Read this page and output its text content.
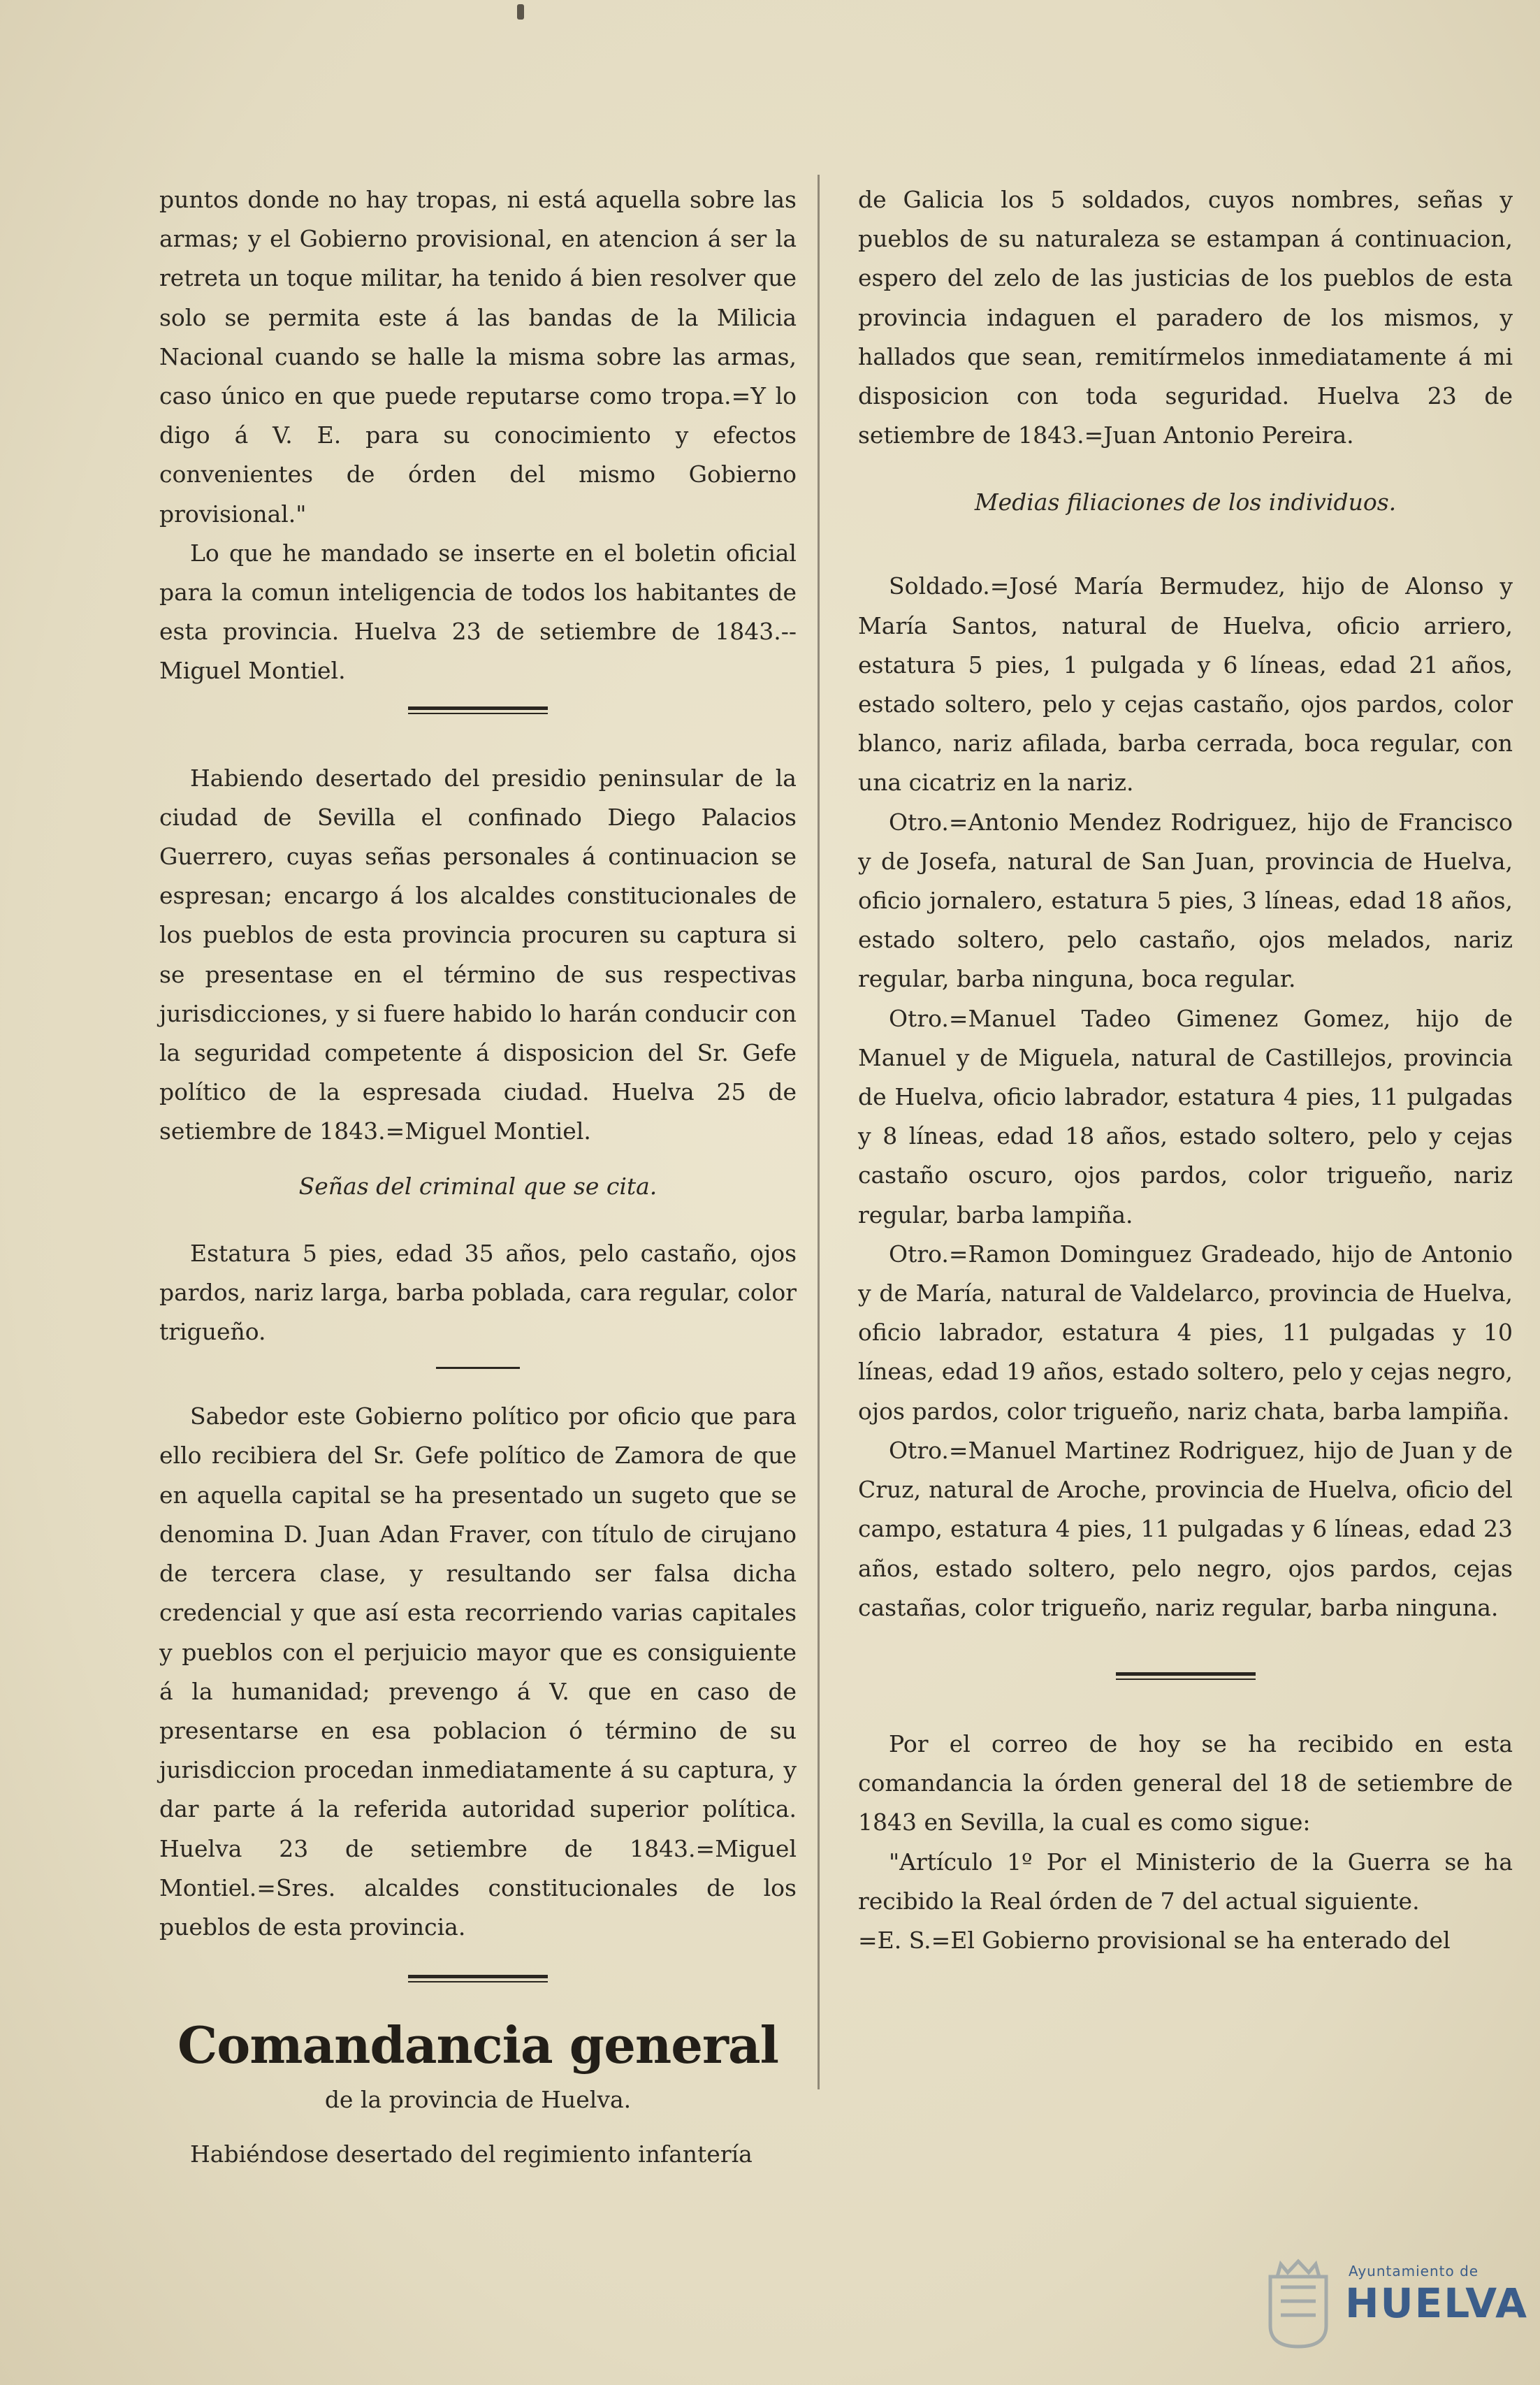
puntos donde no hay tropas, ni está aquella sobre las armas; y el Gobierno provisional, en atencion á ser la retreta un toque militar, ha tenido á bien resolver que solo se permita este á las bandas de la Milicia Nacional cuando se halle la misma sobre las armas, caso único en que puede reputarse como tropa.=Y lo digo á V. E. para su conocimiento y efectos convenientes de órden del mismo Gobierno provisional."

Lo que he mandado se inserte en el boletin oficial para la comun inteligencia de todos los habitantes de esta provincia. Huelva 23 de setiembre de 1843.--Miguel Montiel.

Habiendo desertado del presidio peninsular de la ciudad de Sevilla el confinado Diego Palacios Guerrero, cuyas señas personales á continuacion se espresan; encargo á los alcaldes constitucionales de los pueblos de esta provincia procuren su captura si se presentase en el término de sus respectivas jurisdicciones, y si fuere habido lo harán conducir con la seguridad competente á disposicion del Sr. Gefe político de la espresada ciudad. Huelva 25 de setiembre de 1843.=Miguel Montiel.

Señas del criminal que se cita.

Estatura 5 pies, edad 35 años, pelo castaño, ojos pardos, nariz larga, barba poblada, cara regular, color trigueño.

Sabedor este Gobierno político por oficio que para ello recibiera del Sr. Gefe político de Zamora de que en aquella capital se ha presentado un sugeto que se denomina D. Juan Adan Fraver, con título de cirujano de tercera clase, y resultando ser falsa dicha credencial y que así esta recorriendo varias capitales y pueblos con el perjuicio mayor que es consiguiente á la humanidad; prevengo á V. que en caso de presentarse en esa poblacion ó término de su jurisdiccion procedan inmediatamente á su captura, y dar parte á la referida autoridad superior política. Huelva 23 de setiembre de 1843.=Miguel Montiel.=Sres. alcaldes constitucionales de los pueblos de esta provincia.

Comandancia general

de la provincia de Huelva.

Habiéndose desertado del regimiento infantería

de Galicia los 5 soldados, cuyos nombres, señas y pueblos de su naturaleza se estampan á continuacion, espero del zelo de las justicias de los pueblos de esta provincia indaguen el paradero de los mismos, y hallados que sean, remitírmelos inmediatamente á mi disposicion con toda seguridad. Huelva 23 de setiembre de 1843.=Juan Antonio Pereira.

Medias filiaciones de los individuos.

Soldado.=José María Bermudez, hijo de Alonso y María Santos, natural de Huelva, oficio arriero, estatura 5 pies, 1 pulgada y 6 líneas, edad 21 años, estado soltero, pelo y cejas castaño, ojos pardos, color blanco, nariz afilada, barba cerrada, boca regular, con una cicatriz en la nariz.

Otro.=Antonio Mendez Rodriguez, hijo de Francisco y de Josefa, natural de San Juan, provincia de Huelva, oficio jornalero, estatura 5 pies, 3 líneas, edad 18 años, estado soltero, pelo castaño, ojos melados, nariz regular, barba ninguna, boca regular.

Otro.=Manuel Tadeo Gimenez Gomez, hijo de Manuel y de Miguela, natural de Castillejos, provincia de Huelva, oficio labrador, estatura 4 pies, 11 pulgadas y 8 líneas, edad 18 años, estado soltero, pelo y cejas castaño oscuro, ojos pardos, color trigueño, nariz regular, barba lampiña.

Otro.=Ramon Dominguez Gradeado, hijo de Antonio y de María, natural de Valdelarco, provincia de Huelva, oficio labrador, estatura 4 pies, 11 pulgadas y 10 líneas, edad 19 años, estado soltero, pelo y cejas negro, ojos pardos, color trigueño, nariz chata, barba lampiña.

Otro.=Manuel Martinez Rodriguez, hijo de Juan y de Cruz, natural de Aroche, provincia de Huelva, oficio del campo, estatura 4 pies, 11 pulgadas y 6 líneas, edad 23 años, estado soltero, pelo negro, ojos pardos, cejas castañas, color trigueño, nariz regular, barba ninguna.

Por el correo de hoy se ha recibido en esta comandancia la órden general del 18 de setiembre de 1843 en Sevilla, la cual es como sigue:

"Artículo 1º Por el Ministerio de la Guerra se ha recibido la Real órden de 7 del actual siguiente.

=E. S.=El Gobierno provisional se ha enterado del

Ayuntamiento de
HUELVA
